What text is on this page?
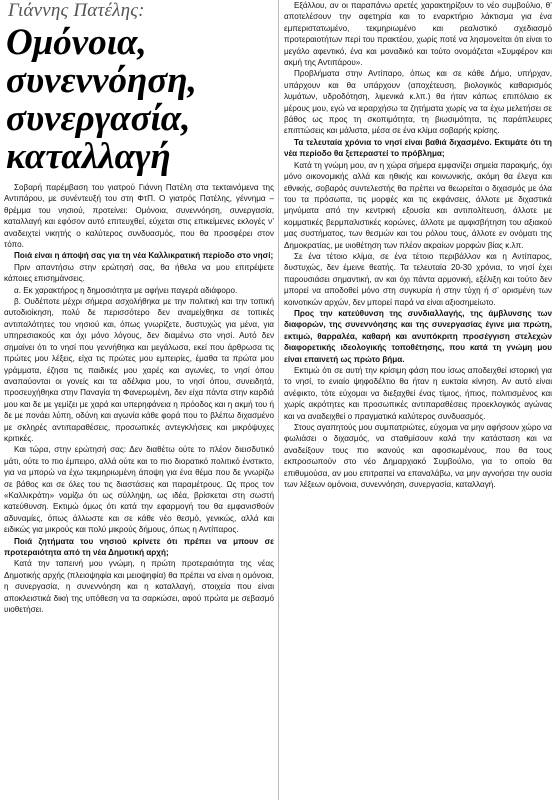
Γιάννης Πατέλης:
Ομόνοια,
συνεννόηση,
συνεργασία,
καταλλαγή

Σοβαρή παρέμβαση του γιατρού Γιάννη Πατέλη στα τεκταινόμενα της Αντιπάρου, με συνέντευξή του στη ΦτΠ. Ο γιατρός Πατέλης, γέννημα – θρέμμα του νησιού, προτείνει: Ομόνοια, συνεννόηση, συνεργασία, καταλλαγή και εφόσον αυτό επιτευχθεί, εύχεται στις επικείμενες εκλογές ν’ αναδειχτεί νικητής ο καλύτερος συνδυασμός, που θα προσφέρει στον τόπο.

Ποιά είναι η άποψή σας για τη νέα Καλλικρατική περίοδο στο νησί;

Πριν απαντήσω στην ερώτησή σας, θα ήθελα να μου επιτρέψετε κάποιες επισημάνσεις.

α. Εκ χαρακτήρος η δημοσιότητα με αφήνει παγερά αδιάφορο.

β. Ουδέποτε μέχρι σήμερα ασχολήθηκα με την πολιτική και την τοπική αυτοδιοίκηση, πολύ δε περισσότερο δεν αναμείχθηκα σε τοπικές αντιπαλότητες του νησιού και, όπως γνωρίζετε, δυστυχώς για μένα, για υπηρεσιακούς και όχι μόνο λόγους, δεν διαμένω στο νησί. Αυτό δεν σημαίνει ότι το νησί που γεννήθηκα και μεγάλωσα, εκεί που άρθρωσα τις πρώτες μου λέξεις, είχα τις πρώτες μου εμπειρίες, έμαθα τα πρώτα μου γράμματα, έζησα τις παιδικές μου χαρές και αγωνίες, το νησί όπου αναπαύονται οι γονείς και τα αδέλφια μου, το νησί όπου, συνειδητά, προσευχήθηκα στην Παναγία τη Φανερωμένη, δεν είχα πάντα στην καρδιά μου και δε με γεμίζει με χαρά και υπερηφάνεια η πρόοδος και η ακμή του ή δε με πονάει λύπη, οδύνη και αγωνία κάθε φορά που το βλέπω διχασμένο με σκληρές αντιπαραθέσεις, προσωπικές αντεγκλήσεις και μικρόψυχες κριτικές.

Και τώρα, στην ερώτησή σας: Δεν διαθέτω ούτε το πλέον διεισδυτικό μάτι, ούτε το πιο έμπειρο, αλλά ούτε και το πιο διορατικό πολιτικό ένστικτο, για να μπορώ να έχω τεκμηριωμένη άποψη για ένα θέμα που δε γνωρίζω σε βάθος και σε όλες του τις διαστάσεις και παραμέτρους. Ως προς τον «Καλλικράτη» νομίζω ότι ως σύλληψη, ως ιδέα, βρίσκεται στη σωστή κατεύθυνση. Εκτιμώ όμως ότι κατά την εφαρμογή του θα εμφανισθούν αδυναμίες, όπως άλλωστε και σε κάθε νέο θεσμό, γενικώς, αλλά και ειδικώς για μικρούς και πολύ μικρούς δήμους, όπως η Αντίπαρος.

Ποιά ζητήματα του νησιού κρίνετε ότι πρέπει να μπουν σε προτεραιότητα από τη νέα Δημοτική αρχή;

Κατά την ταπεινή μου γνώμη, η πρώτη προτεραιότητα της νέας Δημοτικής αρχής (πλειοψηφία και μειοψηφία) θα πρέπει να είναι η ομόνοια, η συνεργασία, η συνεννόηση και η καταλλαγή, στοιχεία που είναι αποκλειστικά δική της υπόθεση να τα σαρκώσει, αφού πρώτα με σεβασμό υιοθετήσει.

Εξάλλου, αν οι παραπάνω αρετές χαρακτηρίζουν το νέο συμβούλιο, θ’ αποτελέσουν την αφετηρία και το εναρκτήριο λάκτισμα για ένα εμπεριστατωμένο, τεκμηριωμένο και ρεαλιστικό σχεδιασμό προτεραιοτήτων περί του πρακτέου, χωρίς ποτέ να λησμονείται ότι είναι το μεγάλο αφεντικό, ένα και μοναδικό και τούτο ονομάζεται «Συμφέρον και ακμή της Αντιπάρου».

Προβλήματα στην Αντίπαρο, όπως και σε κάθε Δήμο, υπήρχαν, υπάρχουν και θα υπάρχουν (αποχέτευση, βιολογικός καθαρισμός λυμάτων, υδροδότηση, λιμενικά κ.λπ.) θα ήταν κάπως επιπόλαιο εκ μέρους μου, εγώ να ιεραρχήσω τα ζητήματα χωρίς να τα έχω μελετήσει σε βάθος ως προς τη σκοπιμότητα, τη βιωσιμότητα, τις παράπλευρες επιπτώσεις και μάλιστα, μέσα σε ένα κλίμα σοβαρής κρίσης.

Τα τελευταία χρόνια το νησί είναι βαθιά διχασμένο. Εκτιμάτε ότι τη νέα περίοδο θα ξεπεραστεί το πρόβλημα;

Κατά τη γνώμη μου, αν η χώρα σήμερα εμφανίζει σημεία παρακμής, όχι μόνο οικονομικής αλλά και ηθικής και κοινωνικής, ακόμη θα έλεγα και εθνικής, σοβαρός συντελεστής θα πρέπει να θεωρείται ο διχασμός με όλα του τα πρόσωπα, τις μορφές και τις εκφάνσεις, άλλοτε με διχαστικά μηνύματα από την κεντρική εξουσία και αντιπολίτευση, άλλοτε με κομματικές βερμπαλιστικές κορώνες, άλλοτε με αμφισβήτηση του αξιακού μας συστήματος, των θεσμών και του ρόλου τους, άλλοτε εν ονόματι της Δημοκρατίας, με υιοθέτηση των πλέον ακραίων μορφών βίας κ.λπ.

Σε ένα τέτοιο κλίμα, σε ένα τέτοιο περιβάλλον και η Αντίπαρος, δυστυχώς, δεν έμεινε θεατής. Τα τελευταία 20-30 χρόνια, το νησί έχει παρουσιάσει σημαντική, αν και όχι πάντα αρμονική, εξέλιξη και τούτο δεν μπορεί να αποδοθεί μόνο στη συγκυρία ή στην τύχη ή σ’ ορισμένη των κοινοτικών αρχών, δεν μπορεί παρά να είναι αξιοσημείωτο.

Προς την κατεύθυνση της συνδιαλλαγής, της άμβλυνσης των διαφορών, της συνεννόησης και της συνεργασίας έγινε μια πρώτη, εκτιμώ, θαρραλέα, καθαρή και ανυπόκριτη προσέγγιση στελεχών διαφορετικής ιδεολογικής τοποθέτησης, που κατά τη γνώμη μου είναι επαινετή ως πρώτο βήμα.

Εκτιμώ ότι σε αυτή την κρίσιμη φάση που ίσως αποδειχθεί ιστορική για το νησί, το ενιαίο ψηφοδέλτιο θα ήταν η ευκταία κίνηση. Αν αυτό είναι ανέφικτο, τότε εύχομαι να διεξαχθεί ένας τίμιος, ήπιος, πολιτισμένος και χωρίς ακρότητες και προσωπικές αντιπαραθέσεις προεκλογικός αγώνας και να αναδειχθεί ο πραγματικά καλύτερος συνδυασμός.

Στους αγαπητούς μου συμπατριώτες, εύχομαι να μην αφήσουν χώρο να φωλιάσει ο διχασμός, να σταθμίσουν καλά την κατάσταση και να αναδείξουν τους πιο ικανούς και αφοσιωμένους, που θα τους εκπροσωπούν στο νέο Δημαρχιακό Συμβούλιο, για το οποίο θα επιθυμούσα, αν μου επιτραπεί να επαναλάβω, να μην αγνοήσει την ουσία των λέξεων ομόνοια, συνεννόηση, συνεργασία, καταλλαγή.
